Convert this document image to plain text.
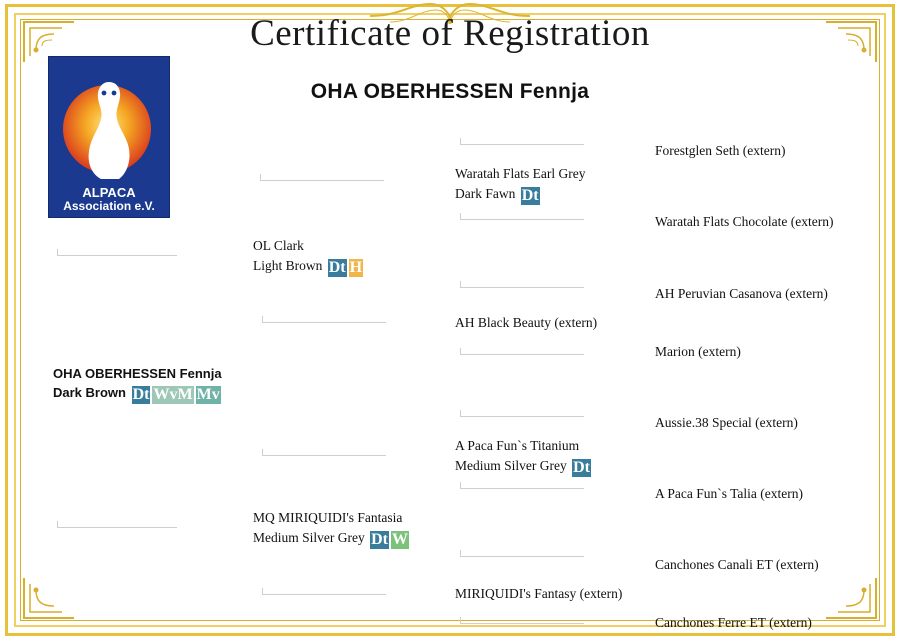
Certificate of Registration
OHA OBERHESSEN Fennja
ALPACA
Association e.V.
OHA OBERHESSEN Fennja
Dark Brown Dt WvM Mv
OL Clark
Light Brown Dt H
MQ MIRIQUIDI's Fantasia
Medium Silver Grey Dt W
Waratah Flats Earl Grey
Dark Fawn Dt
AH Black Beauty (extern)
A Paca Fun`s Titanium
Medium Silver Grey Dt
MIRIQUIDI's Fantasy (extern)
Forestglen Seth (extern)
Waratah Flats Chocolate (extern)
AH Peruvian Casanova (extern)
Marion (extern)
Aussie.38 Special (extern)
A Paca Fun`s Talia (extern)
Canchones Canali ET (extern)
Canchones Ferre ET (extern)
